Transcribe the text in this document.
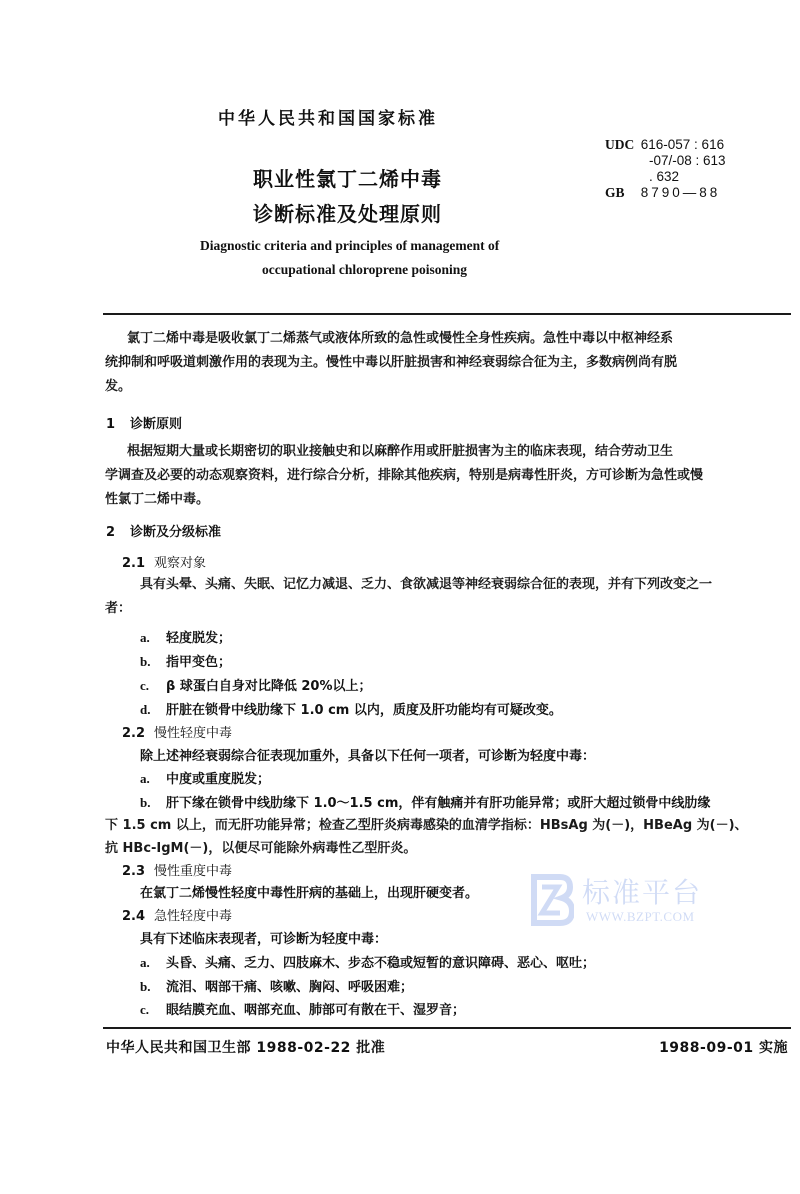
中华人民共和国国家标准
职业性氯丁二烯中毒
诊断标准及处理原则
Diagnostic criteria and principles of management of
occupational chloroprene poisoning
UDC 616-057 : 616
-07/-08 : 613
. 632
GB 8790—88
氯丁二烯中毒是吸收氯丁二烯蒸气或液体所致的急性或慢性全身性疾病。急性中毒以中枢神经系
统抑制和呼吸道刺激作用的表现为主。慢性中毒以肝脏损害和神经衰弱综合征为主，多数病例尚有脱
发。
1 诊断原则
根据短期大量或长期密切的职业接触史和以麻醉作用或肝脏损害为主的临床表现，结合劳动卫生
学调查及必要的动态观察资料，进行综合分析，排除其他疾病，特别是病毒性肝炎，方可诊断为急性或慢
性氯丁二烯中毒。
2 诊断及分级标准
2.1 观察对象
具有头晕、头痛、失眠、记忆力减退、乏力、食欲减退等神经衰弱综合征的表现，并有下列改变之一
者：
a. 轻度脱发；
b. 指甲变色；
c. β 球蛋白自身对比降低 20%以上；
d. 肝脏在锁骨中线肋缘下 1.0 cm 以内，质度及肝功能均有可疑改变。
2.2 慢性轻度中毒
除上述神经衰弱综合征表现加重外，具备以下任何一项者，可诊断为轻度中毒：
a. 中度或重度脱发；
b. 肝下缘在锁骨中线肋缘下 1.0～1.5 cm，伴有触痛并有肝功能异常；或肝大超过锁骨中线肋缘
下 1.5 cm 以上，而无肝功能异常；检查乙型肝炎病毒感染的血清学指标：HBsAg 为(－)，HBeAg 为(－)、
抗 HBc-IgM(－)，以便尽可能除外病毒性乙型肝炎。
2.3 慢性重度中毒
在氯丁二烯慢性轻度中毒性肝病的基础上，出现肝硬变者。
2.4 急性轻度中毒
具有下述临床表现者，可诊断为轻度中毒：
a. 头昏、头痛、乏力、四肢麻木、步态不稳或短暂的意识障碍、恶心、呕吐；
b. 流泪、咽部干痛、咳嗽、胸闷、呼吸困难；
c. 眼结膜充血、咽部充血、肺部可有散在干、湿罗音；
中华人民共和国卫生部 1988-02-22 批准	1988-09-01 实施
标准平台
WWW.BZPT.COM
